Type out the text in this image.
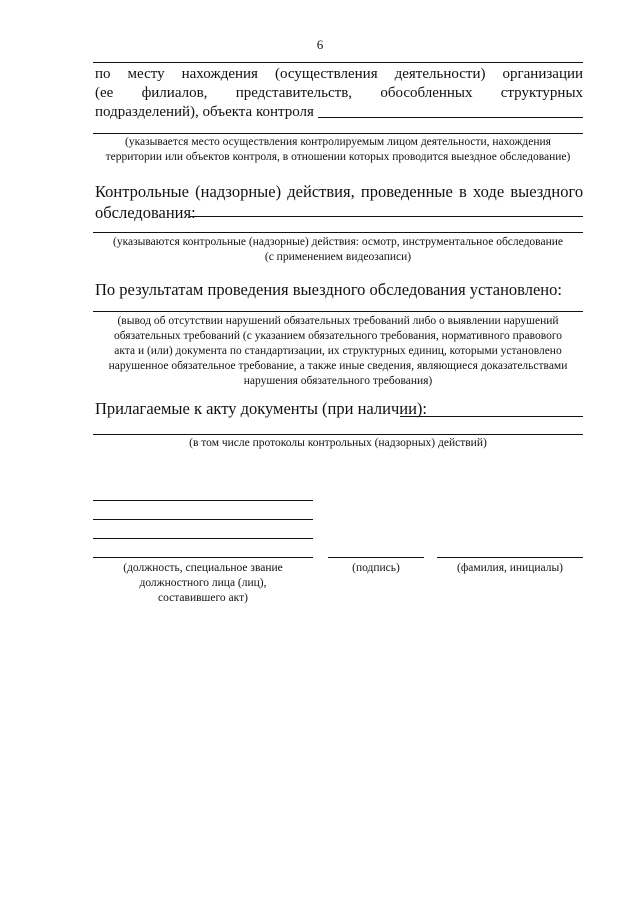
6
по месту нахождения (осуществления деятельности) организации
(ее филиалов, представительств, обособленных структурных
подразделений), объекта контроля
(указывается место осуществления контролируемым лицом деятельности, нахождения
территории или объектов контроля, в отношении которых проводится выездное обследование)
Контрольные (надзорные) действия, проведенные в ходе выездного
обследования:
(указываются контрольные (надзорные) действия: осмотр, инструментальное обследование
(с применением видеозаписи)
По результатам проведения выездного обследования установлено:
(вывод об отсутствии нарушений обязательных требований либо о выявлении нарушений
обязательных требований (с указанием обязательного требования, нормативного правового
акта и (или) документа по стандартизации, их структурных единиц, которыми установлено
нарушенное обязательное требование, а также иные сведения, являющиеся доказательствами
нарушения обязательного требования)
Прилагаемые к акту документы (при наличии):
(в том числе протоколы контрольных (надзорных) действий)
(должность, специальное звание
должностного лица (лиц),
составившего акт)
(подпись)	(фамилия, инициалы)
